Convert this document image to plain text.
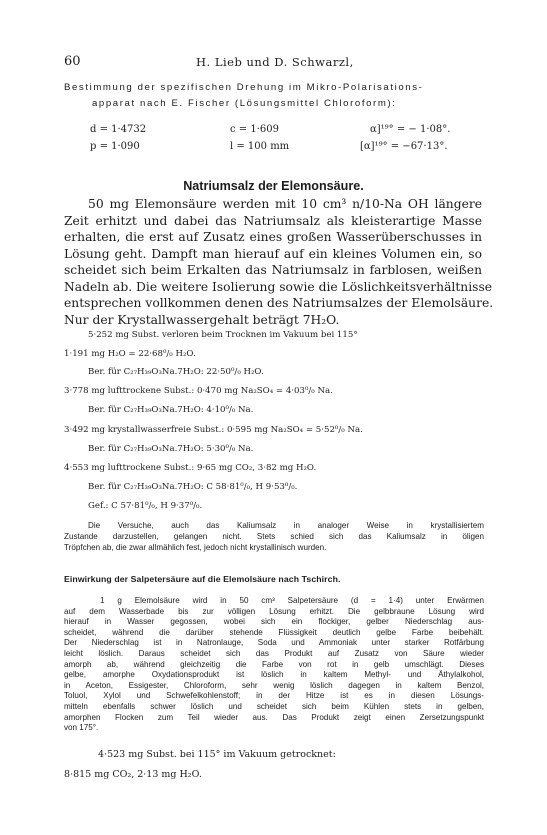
60	H. Lieb und D. Schwarzl,
Bestimmung der spezifischen Drehung im Mikro-Polarisations-
apparat nach E. Fischer (Lösungsmittel Chloroform):
d = 1·4732	c = 1·609	α]¹⁹° = − 1·08°.
p = 1·090	l = 100 mm	[α]¹⁹° = −67·13°.
Natriumsalz der Elemonsäure.
50 mg Elemonsäure werden mit 10 cm³ n/10-Na OH längere
Zeit erhitzt und dabei das Natriumsalz als kleisterartige Masse
erhalten, die erst auf Zusatz eines großen Wasserüberschusses in
Lösung geht. Dampft man hierauf auf ein kleines Volumen ein, so
scheidet sich beim Erkalten das Natriumsalz in farblosen, weißen
Nadeln ab. Die weitere Isolierung sowie die Löslichkeitsverhältnisse
entsprechen vollkommen denen des Natriumsalzes der Elemolsäure.
Nur der Krystallwassergehalt beträgt 7H₂O.
5·252 mg Subst. verloren beim Trocknen im Vakuum bei 115°
1·191 mg H₂O = 22·68⁰/₀ H₂O.
Ber. für C₂₇H₃₉O₃Na.7H₂O: 22·50⁰/₀ H₂O.
3·778 mg lufttrockene Subst.: 0·470 mg Na₂SO₄ = 4·03⁰/₀ Na.
Ber. für C₂₇H₃₉O₃Na.7H₂O: 4·10⁰/₀ Na.
3·492 mg krystallwasserfreie Subst.: 0·595 mg Na₂SO₄ = 5·52⁰/₀ Na.
Ber. für C₂₇H₃₉O₃Na.7H₂O: 5·30⁰/₀ Na.
4·553 mg lufttrockene Subst.: 9·65 mg CO₂, 3·82 mg H₂O.
Ber. für C₂₇H₃₉O₃Na.7H₂O: C 58·81⁰/₀, H 9·53⁰/₀.
Gef.: C 57·81⁰/₀, H 9·37⁰/₀.
Die Versuche, auch das Kaliumsalz in analoger Weise in krystallisiertem
Zustande darzustellen, gelangen nicht. Stets schied sich das Kaliumsalz in öligen
Tröpfchen ab, die zwar allmählich fest, jedoch nicht krystallinisch wurden.
Einwirkung der Salpetersäure auf die Elemolsäure nach Tschirch.
1 g Elemolsäure wird in 50 cm³ Salpetersäure (d = 1·4) unter Erwärmen
auf dem Wasserbade bis zur völligen Lösung erhitzt. Die gelbbraune Lösung wird
hierauf in Wasser gegossen, wobei sich ein flockiger, gelber Niederschlag aus-
scheidet, während die darüber stehende Flüssigkeit deutlich gelbe Farbe beibehält.
Der Niederschlag ist in Natronlauge, Soda und Ammoniak unter starker Rotfärbung
leicht löslich. Daraus scheidet sich das Produkt auf Zusatz von Säure wieder
amorph ab, während gleichzeitig die Farbe von rot in gelb umschlägt. Dieses
gelbe, amorphe Oxydationsprodukt ist löslich in kaltem Methyl- und Äthylalkohol,
in Aceton, Essigester, Chloroform, sehr wenig löslich dagegen in kaltem Benzol,
Toluol, Xylol und Schwefelkohlenstoff; in der Hitze ist es in diesen Lösungs-
mitteln ebenfalls schwer löslich und scheidet sich beim Kühlen stets in gelben,
amorphen Flocken zum Teil wieder aus. Das Produkt zeigt einen Zersetzungspunkt
von 175°.
4·523 mg Subst. bei 115° im Vakuum getrocknet:
8·815 mg CO₂, 2·13 mg H₂O.
